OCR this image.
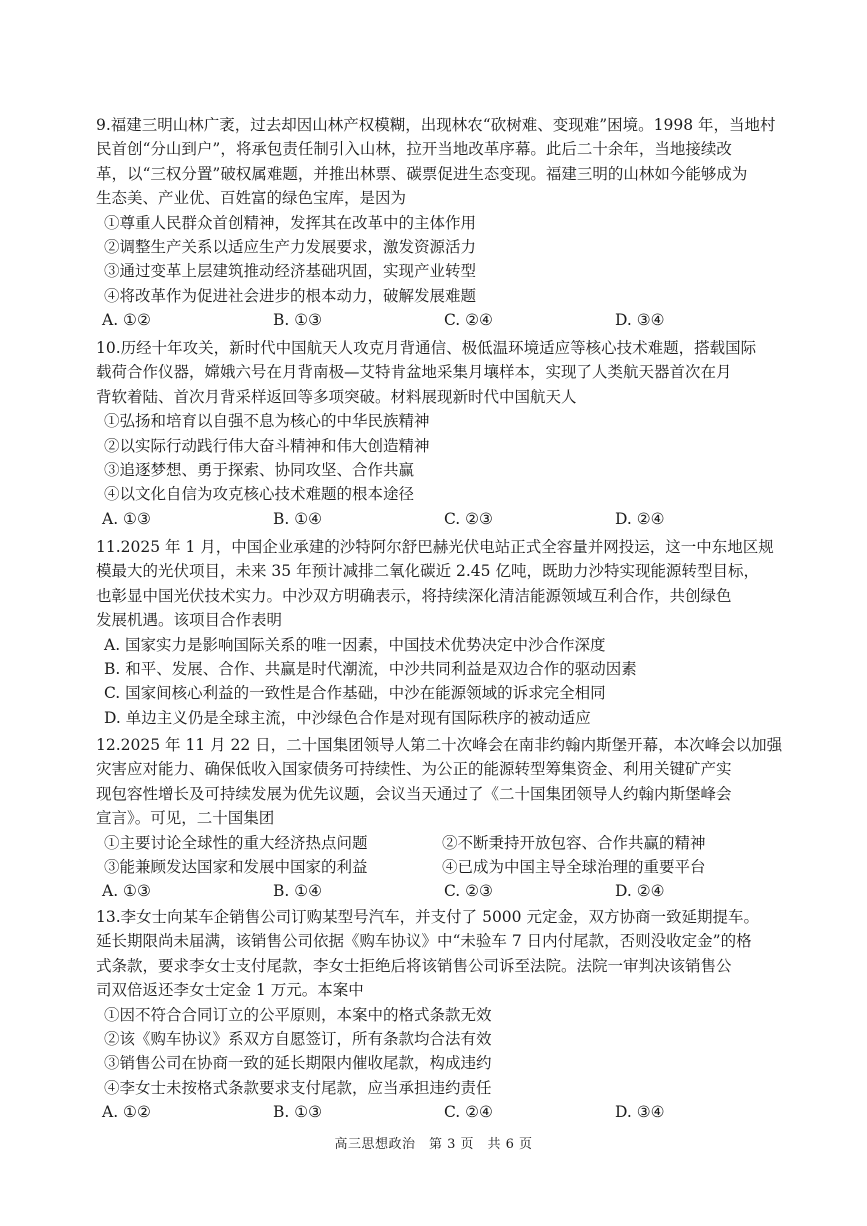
9.福建三明山林广袤，过去却因山林产权模糊，出现林农“砍树难、变现难”困境。1998 年，当地村
民首创“分山到户”，将承包责任制引入山林，拉开当地改革序幕。此后二十余年，当地接续改
革，以“三权分置”破权属难题，并推出林票、碳票促进生态变现。福建三明的山林如今能够成为
生态美、产业优、百姓富的绿色宝库，是因为
①尊重人民群众首创精神，发挥其在改革中的主体作用
②调整生产关系以适应生产力发展要求，激发资源活力
③通过变革上层建筑推动经济基础巩固，实现产业转型
④将改革作为促进社会进步的根本动力，破解发展难题
A. ①②	B. ①③	C. ②④	D. ③④
10.历经十年攻关，新时代中国航天人攻克月背通信、极低温环境适应等核心技术难题，搭载国际
载荷合作仪器，嫦娥六号在月背南极—艾特肯盆地采集月壤样本，实现了人类航天器首次在月
背软着陆、首次月背采样返回等多项突破。材料展现新时代中国航天人
①弘扬和培育以自强不息为核心的中华民族精神
②以实际行动践行伟大奋斗精神和伟大创造精神
③追逐梦想、勇于探索、协同攻坚、合作共赢
④以文化自信为攻克核心技术难题的根本途径
A. ①③	B. ①④	C. ②③	D. ②④
11.2025 年 1 月，中国企业承建的沙特阿尔舒巴赫光伏电站正式全容量并网投运，这一中东地区规
模最大的光伏项目，未来 35 年预计减排二氧化碳近 2.45 亿吨，既助力沙特实现能源转型目标，
也彰显中国光伏技术实力。中沙双方明确表示，将持续深化清洁能源领域互利合作，共创绿色
发展机遇。该项目合作表明
A. 国家实力是影响国际关系的唯一因素，中国技术优势决定中沙合作深度
B. 和平、发展、合作、共赢是时代潮流，中沙共同利益是双边合作的驱动因素
C. 国家间核心利益的一致性是合作基础，中沙在能源领域的诉求完全相同
D. 单边主义仍是全球主流，中沙绿色合作是对现有国际秩序的被动适应
12.2025 年 11 月 22 日，二十国集团领导人第二十次峰会在南非约翰内斯堡开幕，本次峰会以加强
灾害应对能力、确保低收入国家债务可持续性、为公正的能源转型筹集资金、利用关键矿产实
现包容性增长及可持续发展为优先议题，会议当天通过了《二十国集团领导人约翰内斯堡峰会
宣言》。可见，二十国集团
①主要讨论全球性的重大经济热点问题	②不断秉持开放包容、合作共赢的精神
③能兼顾发达国家和发展中国家的利益	④已成为中国主导全球治理的重要平台
A. ①③	B. ①④	C. ②③	D. ②④
13.李女士向某车企销售公司订购某型号汽车，并支付了 5000 元定金，双方协商一致延期提车。
延长期限尚未届满，该销售公司依据《购车协议》中“未验车 7 日内付尾款，否则没收定金”的格
式条款，要求李女士支付尾款，李女士拒绝后将该销售公司诉至法院。法院一审判决该销售公
司双倍返还李女士定金 1 万元。本案中
①因不符合合同订立的公平原则，本案中的格式条款无效
②该《购车协议》系双方自愿签订，所有条款均合法有效
③销售公司在协商一致的延长期限内催收尾款，构成违约
④李女士未按格式条款要求支付尾款，应当承担违约责任
A. ①②	B. ①③	C. ②④	D. ③④
高三思想政治　第 3 页　共 6 页
